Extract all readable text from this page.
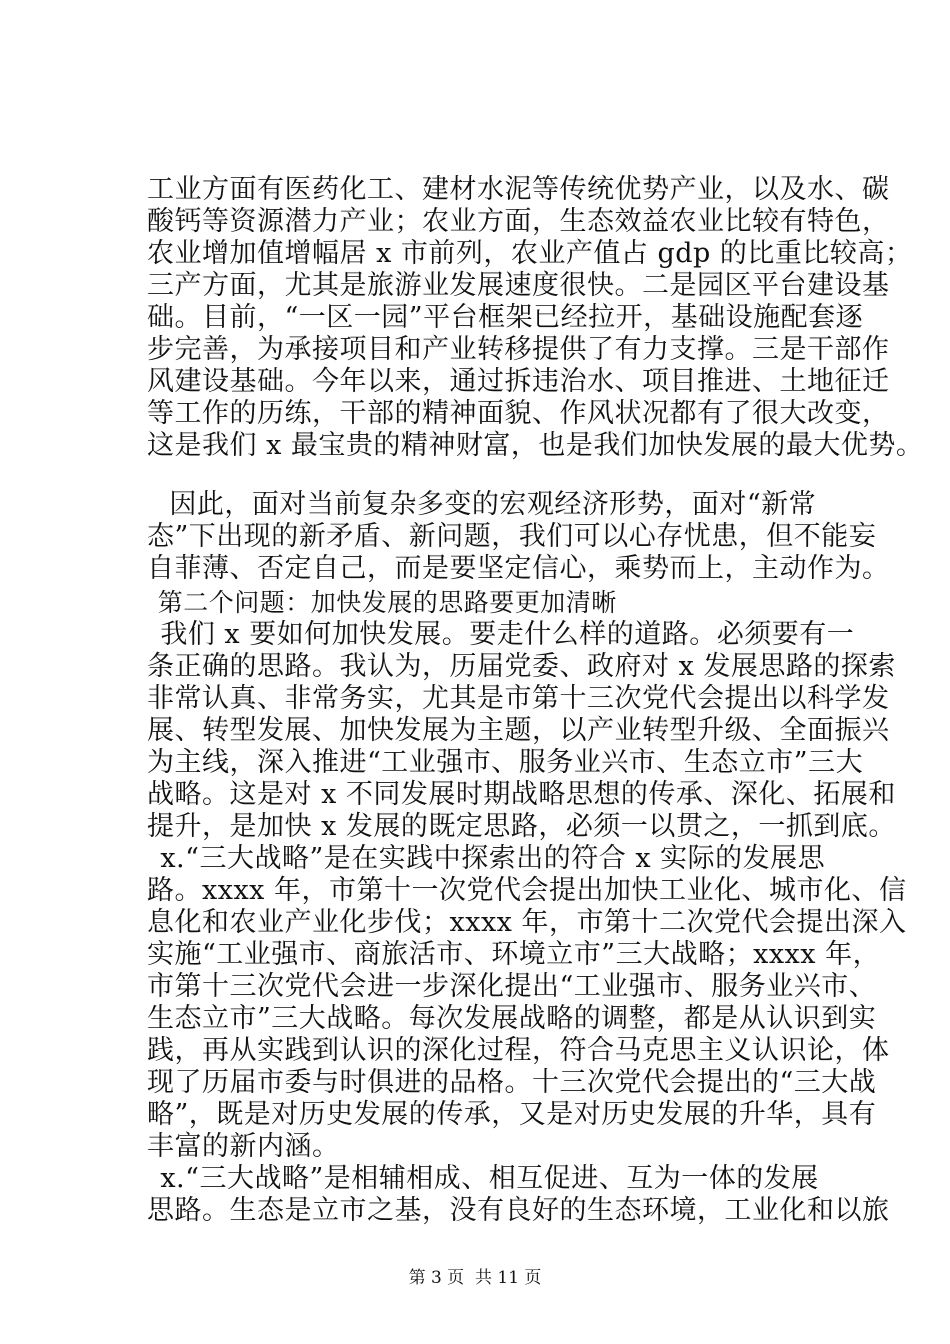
工业方面有医药化工、建材水泥等传统优势产业，以及水、碳
酸钙等资源潜力产业；农业方面，生态效益农业比较有特色，
农业增加值增幅居 x 市前列，农业产值占 gdp 的比重比较高；
三产方面，尤其是旅游业发展速度很快。二是园区平台建设基
础。目前，“一区一园”平台框架已经拉开，基础设施配套逐
步完善，为承接项目和产业转移提供了有力支撑。三是干部作
风建设基础。今年以来，通过拆违治水、项目推进、土地征迁
等工作的历练，干部的精神面貌、作风状况都有了很大改变，
这是我们 x 最宝贵的精神财富，也是我们加快发展的最大优势。
因此，面对当前复杂多变的宏观经济形势，面对“新常
态”下出现的新矛盾、新问题，我们可以心存忧患，但不能妄
自菲薄、否定自己，而是要坚定信心，乘势而上，主动作为。
第二个问题：加快发展的思路要更加清晰
我们 x 要如何加快发展。要走什么样的道路。必须要有一
条正确的思路。我认为，历届党委、政府对 x 发展思路的探索
非常认真、非常务实，尤其是市第十三次党代会提出以科学发
展、转型发展、加快发展为主题，以产业转型升级、全面振兴
为主线，深入推进“工业强市、服务业兴市、生态立市”三大
战略。这是对 x 不同发展时期战略思想的传承、深化、拓展和
提升，是加快 x 发展的既定思路，必须一以贯之，一抓到底。
x.“三大战略”是在实践中探索出的符合 x 实际的发展思
路。xxxx 年，市第十一次党代会提出加快工业化、城市化、信
息化和农业产业化步伐；xxxx 年，市第十二次党代会提出深入
实施“工业强市、商旅活市、环境立市”三大战略；xxxx 年，
市第十三次党代会进一步深化提出“工业强市、服务业兴市、
生态立市”三大战略。每次发展战略的调整，都是从认识到实
践，再从实践到认识的深化过程，符合马克思主义认识论，体
现了历届市委与时俱进的品格。十三次党代会提出的“三大战
略”，既是对历史发展的传承，又是对历史发展的升华，具有
丰富的新内涵。
x.“三大战略”是相辅相成、相互促进、互为一体的发展
思路。生态是立市之基，没有良好的生态环境，工业化和以旅
第 3 页  共 11 页
